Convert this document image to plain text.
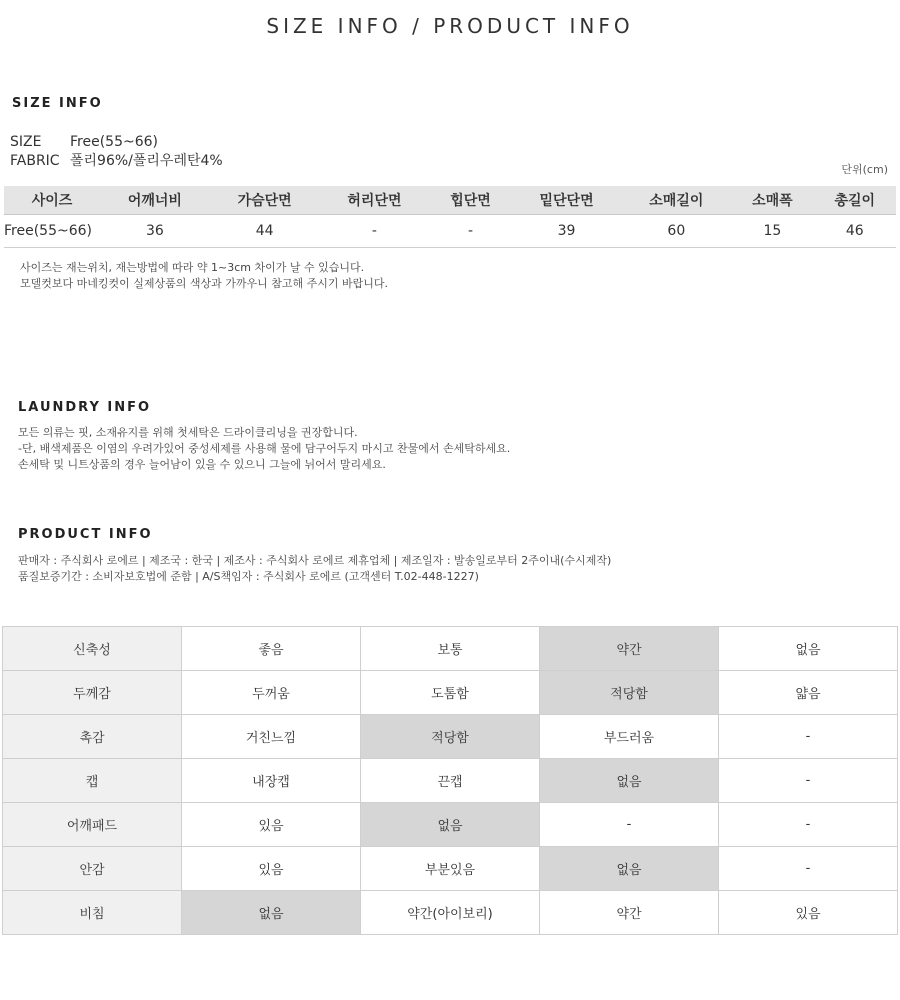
SIZE INFO / PRODUCT INFO
SIZE INFO
SIZE Free(55~66)
FABRIC 폴리96%/폴리우레탄4%
단위(cm)
사이즈	어깨너비	가슴단면	허리단면	힙단면	밑단단면	소매길이	소매폭	총길이
Free(55~66)	36	44	-	-	39	60	15	46
사이즈는 재는위치, 재는방법에 따라 약 1~3cm 차이가 날 수 있습니다.
모델컷보다 마네킹컷이 실제상품의 색상과 가까우니 참고해 주시기 바랍니다.
LAUNDRY INFO
모든 의류는 핏, 소재유지를 위해 첫세탁은 드라이클리닝을 권장합니다.
-단, 배색제품은 이염의 우려가있어 중성세제를 사용해 물에 담구어두지 마시고 찬물에서 손세탁하세요.
손세탁 및 니트상품의 경우 늘어남이 있을 수 있으니 그늘에 뉘어서 말리세요.
PRODUCT INFO
판매자 : 주식회사 로에르 | 제조국 : 한국 | 제조사 : 주식회사 로에르 제휴업체 | 제조일자 : 발송일로부터 2주이내(수시제작)
품질보증기간 : 소비자보호법에 준함 | A/S책임자 : 주식회사 로에르 (고객센터 T.02-448-1227)
신축성	좋음	보통	약간	없음
두께감	두꺼움	도톰함	적당함	얇음
촉감	거친느낌	적당함	부드러움	-
캡	내장캡	끈캡	없음	-
어깨패드	있음	없음	-	-
안감	있음	부분있음	없음	-
비침	없음	약간(아이보리)	약간	있음
